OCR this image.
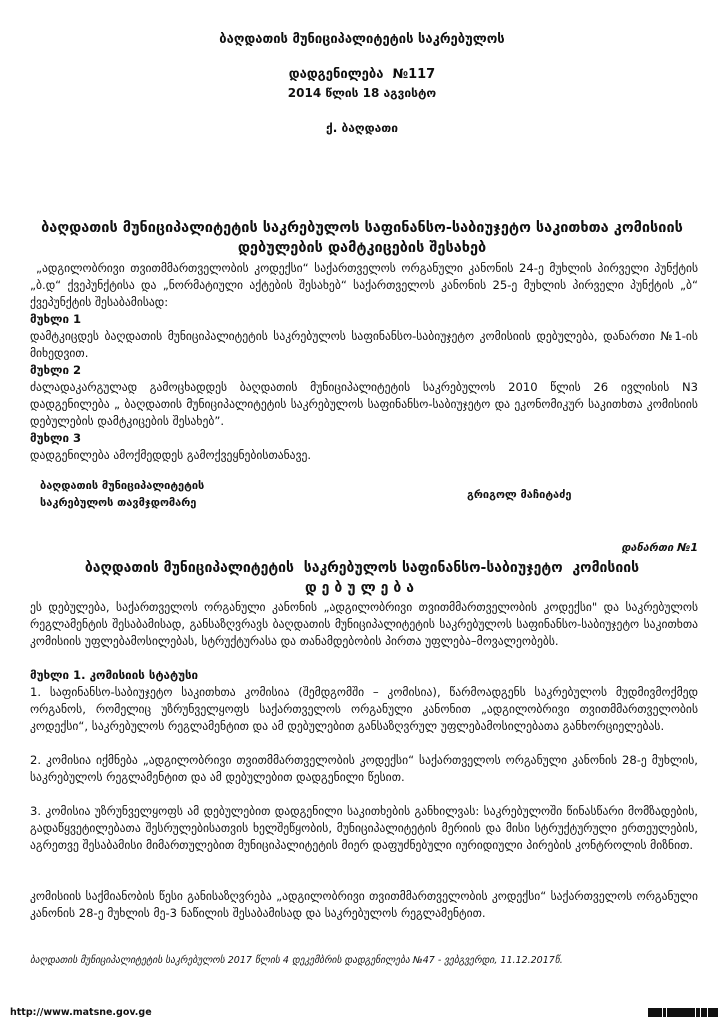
ბაღდათის მუნიციპალიტეტის საკრებულოს
დადგენილება  №117
2014 წლის 18 აგვისტო
ქ. ბაღდათი
ბაღდათის მუნიციპალიტეტის საკრებულოს საფინანსო-საბიუჯეტო საკითხთა კომისიის დებულების დამტკიცების შესახებ
„ადგილობრივი თვითმმართველობის კოდექსი“ საქართველოს ორგანული კანონის 24-ე მუხლის პირველი პუნქტის „ბ.დ“ ქვეპუნქტისა და „ნორმატიული აქტების შესახებ“ საქართველოს კანონის 25-ე მუხლის პირველი პუნქტის „ბ“ ქვეპუნქტის შესაბამისად:
მუხლი 1
დამტკიცდეს ბაღდათის მუნიციპალიტეტის საკრებულოს საფინანსო-საბიუჯეტო კომისიის დებულება, დანართი №1-ის მიხედვით.
მუხლი 2
ძალადაკარგულად გამოცხადდეს ბაღდათის მუნიციპალიტეტის საკრებულოს 2010 წლის 26 ივლისის N3 დადგენილება „ ბაღდათის მუნიციპალიტეტის საკრებულოს საფინანსო-საბიუჯეტო და ეკონომიკურ საკითხთა კომისიის დებულების დამტკიცების შესახებ”.
მუხლი 3
დადგენილება ამოქმედდეს გამოქვეყნებისთანავე.
ბაღდათის მუნიციპალიტეტის
საკრებულოს თავმჯდომარე
გრიგოლ მაჩიტაძე
დანართი №1
ბაღდათის მუნიციპალიტეტის  საკრებულოს საფინანსო-საბიუჯეტო  კომისიის
დებულება
ეს დებულება, საქართველოს ორგანული კანონის „ადგილობრივი თვითმმართველობის კოდექსი" და საკრებულოს რეგლამენტის შესაბამისად, განსაზღვრავს ბაღდათის მუნიციპალიტეტის საკრებულოს საფინანსო-საბიუჯეტო საკითხთა კომისიის უფლებამოსილებას, სტრუქტურასა და თანამდებობის პირთა უფლება–მოვალეობებს.
მუხლი 1. კომისიის სტატუსი
1. საფინანსო-საბიუჯეტო საკითხთა კომისია (შემდგომში – კომისია), წარმოადგენს საკრებულოს მუდმივმოქმედ ორგანოს, რომელიც უზრუნველყოფს საქართველოს ორგანული კანონით „ადგილობრივი თვითმმართველობის კოდექსი“, საკრებულოს რეგლამენტით და ამ დებულებით განსაზღვრულ უფლებამოსილებათა განხორციელებას.
2. კომისია იქმნება „ადგილობრივი თვითმმართველობის კოდექსი“ საქართველოს ორგანული კანონის 28-ე მუხლის, საკრებულოს რეგლამენტით და ამ დებულებით დადგენილი წესით.
3. კომისია უზრუნველყოფს ამ დებულებით დადგენილი საკითხების განხილვას: საკრებულოში წინასწარი მომზადების, გადაწყვეტილებათა შესრულებისათვის ხელშეწყობის, მუნიციპალიტეტის მერიის და მისი სტრუქტურული ერთეულების, აგრეთვე შესაბამისი მიმართულებით მუნიციპალიტეტის მიერ დაფუძნებული იურიდიული პირების კონტროლის მიზნით.
კომისიის საქმიანობის წესი განისაზღვრება „ადგილობრივი თვითმმართველობის კოდექსი“ საქართველოს ორგანული კანონის 28-ე მუხლის მე-3 ნაწილის შესაბამისად და საკრებულოს რეგლამენტით.
ბაღდათის მუნიციპალიტეტის საკრებულოს 2017 წლის 4 დეკემბრის დადგენილება №47 - ვებგვერდი, 11.12.2017წ.
http://www.matsne.gov.ge
